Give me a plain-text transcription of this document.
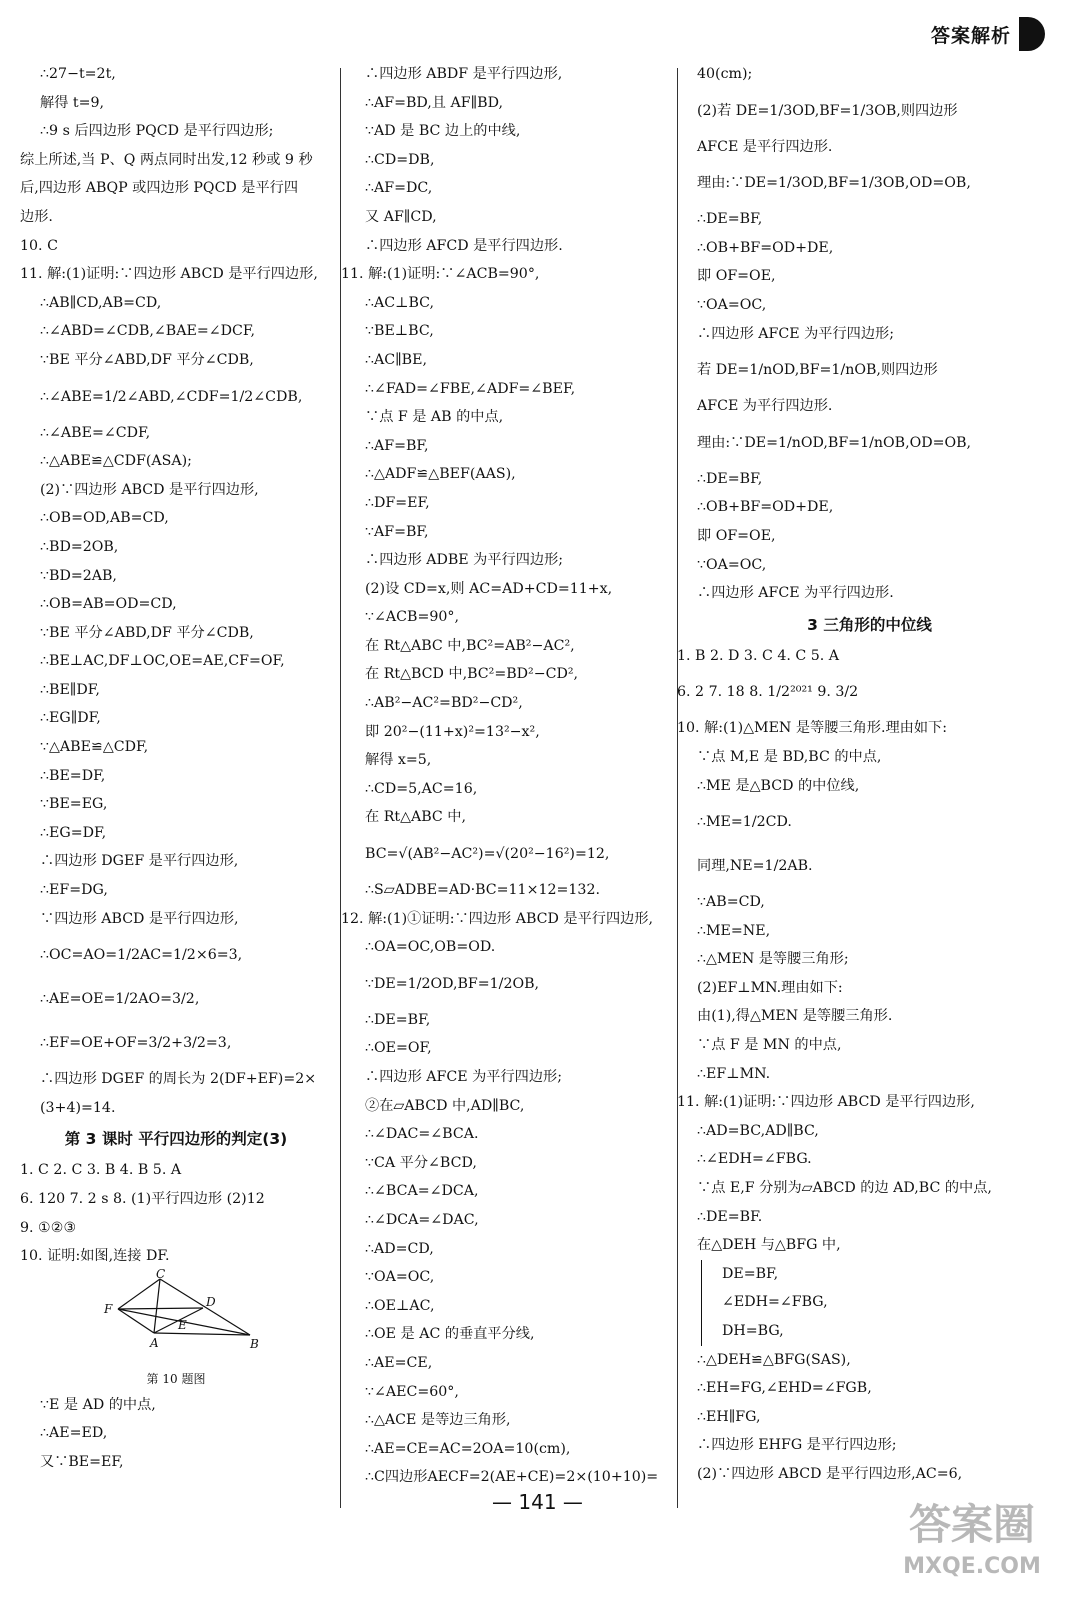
答案解析
∴27−t=2t,
解得 t=9,
∴9 s 后四边形 PQCD 是平行四边形;
综上所述,当 P、Q 两点同时出发,12 秒或 9 秒
后,四边形 ABQP 或四边形 PQCD 是平行四
边形.
10. C
11. 解:(1)证明:∵四边形 ABCD 是平行四边形,
∴AB∥CD,AB=CD,
∴∠ABD=∠CDB,∠BAE=∠DCF,
∵BE 平分∠ABD,DF 平分∠CDB,
∴∠ABE=1/2∠ABD,∠CDF=1/2∠CDB,
∴∠ABE=∠CDF,
∴△ABE≌△CDF(ASA);
(2)∵四边形 ABCD 是平行四边形,
∴OB=OD,AB=CD,
∴BD=2OB,
∵BD=2AB,
∴OB=AB=OD=CD,
∵BE 平分∠ABD,DF 平分∠CDB,
∴BE⊥AC,DF⊥OC,OE=AE,CF=OF,
∴BE∥DF,
∴EG∥DF,
∵△ABE≌△CDF,
∴BE=DF,
∵BE=EG,
∴EG=DF,
∴四边形 DGEF 是平行四边形,
∴EF=DG,
∵四边形 ABCD 是平行四边形,
∴OC=AO=1/2AC=1/2×6=3,
∴AE=OE=1/2AO=3/2,
∴EF=OE+OF=3/2+3/2=3,
∴四边形 DGEF 的周长为 2(DF+EF)=2×
(3+4)=14.
第 3 课时 平行四边形的判定(3)
1. C 2. C 3. B 4. B 5. A
6. 120 7. 2 s 8. (1)平行四边形 (2)12
9. ①②③
10. 证明:如图,连接 DF.
C
D
F
E
A	B
第 10 题图
∵E 是 AD 的中点,
∴AE=ED,
又∵BE=EF,
∴四边形 ABDF 是平行四边形,
∴AF=BD,且 AF∥BD,
∵AD 是 BC 边上的中线,
∴CD=DB,
∴AF=DC,
又 AF∥CD,
∴四边形 AFCD 是平行四边形.
11. 解:(1)证明:∵∠ACB=90°,
∴AC⊥BC,
∵BE⊥BC,
∴AC∥BE,
∴∠FAD=∠FBE,∠ADF=∠BEF,
∵点 F 是 AB 的中点,
∴AF=BF,
∴△ADF≌△BEF(AAS),
∴DF=EF,
∵AF=BF,
∴四边形 ADBE 为平行四边形;
(2)设 CD=x,则 AC=AD+CD=11+x,
∵∠ACB=90°,
在 Rt△ABC 中,BC²=AB²−AC²,
在 Rt△BCD 中,BC²=BD²−CD²,
∴AB²−AC²=BD²−CD²,
即 20²−(11+x)²=13²−x²,
解得 x=5,
∴CD=5,AC=16,
在 Rt△ABC 中,
BC=√(AB²−AC²)=√(20²−16²)=12,
∴S▱ADBE=AD·BC=11×12=132.
12. 解:(1)①证明:∵四边形 ABCD 是平行四边形,
∴OA=OC,OB=OD.
∵DE=1/2OD,BF=1/2OB,
∴DE=BF,
∴OE=OF,
∴四边形 AFCE 为平行四边形;
②在▱ABCD 中,AD∥BC,
∴∠DAC=∠BCA.
∵CA 平分∠BCD,
∴∠BCA=∠DCA,
∴∠DCA=∠DAC,
∴AD=CD,
∵OA=OC,
∴OE⊥AC,
∴OE 是 AC 的垂直平分线,
∴AE=CE,
∵∠AEC=60°,
∴△ACE 是等边三角形,
∴AE=CE=AC=2OA=10(cm),
∴C四边形AECF=2(AE+CE)=2×(10+10)=
40(cm);
(2)若 DE=1/3OD,BF=1/3OB,则四边形
AFCE 是平行四边形.
理由:∵DE=1/3OD,BF=1/3OB,OD=OB,
∴DE=BF,
∴OB+BF=OD+DE,
即 OF=OE,
∵OA=OC,
∴四边形 AFCE 为平行四边形;
若 DE=1/nOD,BF=1/nOB,则四边形
AFCE 为平行四边形.
理由:∵DE=1/nOD,BF=1/nOB,OD=OB,
∴DE=BF,
∴OB+BF=OD+DE,
即 OF=OE,
∵OA=OC,
∴四边形 AFCE 为平行四边形.
3 三角形的中位线
1. B 2. D 3. C 4. C 5. A
6. 2 7. 18 8. 1/2²⁰²¹ 9. 3/2
10. 解:(1)△MEN 是等腰三角形.理由如下:
∵点 M,E 是 BD,BC 的中点,
∴ME 是△BCD 的中位线,
∴ME=1/2CD.
同理,NE=1/2AB.
∵AB=CD,
∴ME=NE,
∴△MEN 是等腰三角形;
(2)EF⊥MN.理由如下:
由(1),得△MEN 是等腰三角形.
∵点 F 是 MN 的中点,
∴EF⊥MN.
11. 解:(1)证明:∵四边形 ABCD 是平行四边形,
∴AD=BC,AD∥BC,
∴∠EDH=∠FBG.
∵点 E,F 分别为▱ABCD 的边 AD,BC 的中点,
∴DE=BF.
在△DEH 与△BFG 中,
DE=BF,
∠EDH=∠FBG,
DH=BG,
∴△DEH≌△BFG(SAS),
∴EH=FG,∠EHD=∠FGB,
∴EH∥FG,
∴四边形 EHFG 是平行四边形;
(2)∵四边形 ABCD 是平行四边形,AC=6,
— 141 —	答案圈
MXQE.COM
